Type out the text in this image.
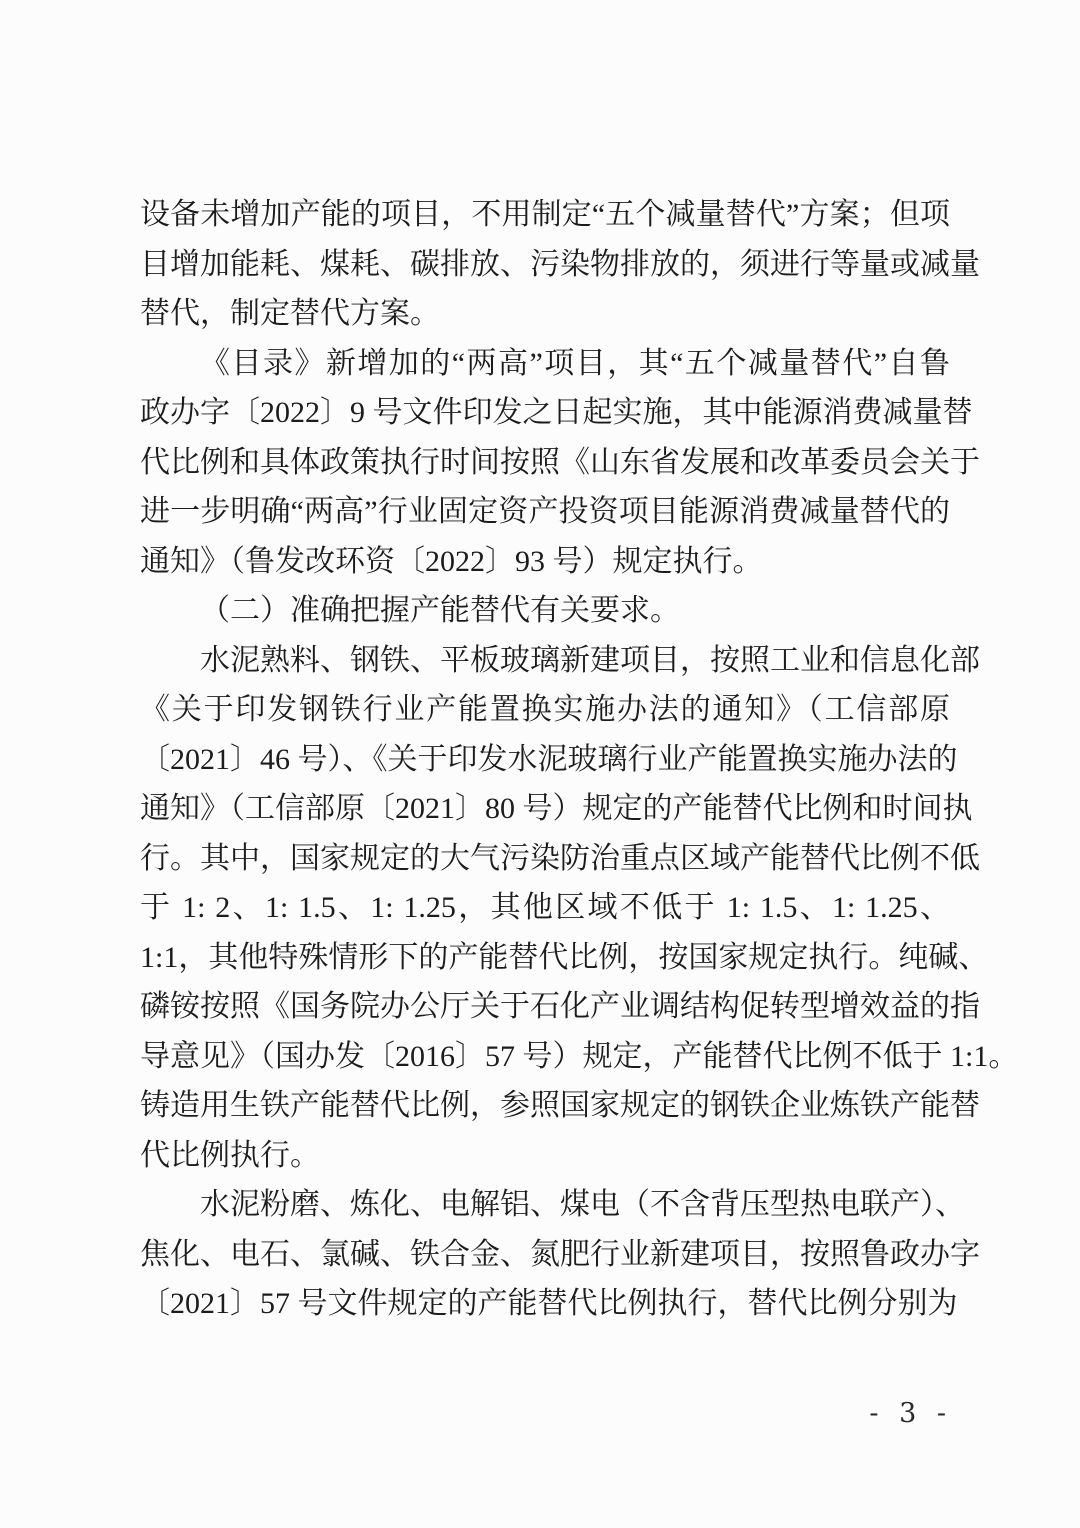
设备未增加产能的项目，不用制定“五个减量替代”方案；但项
目增加能耗、煤耗、碳排放、污染物排放的，须进行等量或减量
替代，制定替代方案。
《目录》新增加的“两高”项目，其“五个减量替代”自鲁
政办字〔2022〕9 号文件印发之日起实施，其中能源消费减量替
代比例和具体政策执行时间按照《山东省发展和改革委员会关于
进一步明确“两高”行业固定资产投资项目能源消费减量替代的
通知》（鲁发改环资〔2022〕93 号）规定执行。
（二）准确把握产能替代有关要求。
水泥熟料、钢铁、平板玻璃新建项目，按照工业和信息化部
《关于印发钢铁行业产能置换实施办法的通知》（工信部原
〔2021〕46 号）、《关于印发水泥玻璃行业产能置换实施办法的
通知》（工信部原〔2021〕80 号）规定的产能替代比例和时间执
行。其中，国家规定的大气污染防治重点区域产能替代比例不低
于 1: 2、1: 1.5、1: 1.25，其他区域不低于 1: 1.5、1: 1.25、
1:1，其他特殊情形下的产能替代比例，按国家规定执行。纯碱、
磷铵按照《国务院办公厅关于石化产业调结构促转型增效益的指
导意见》（国办发〔2016〕57 号）规定，产能替代比例不低于 1:1。
铸造用生铁产能替代比例，参照国家规定的钢铁企业炼铁产能替
代比例执行。
水泥粉磨、炼化、电解铝、煤电（不含背压型热电联产）、
焦化、电石、氯碱、铁合金、氮肥行业新建项目，按照鲁政办字
〔2021〕57 号文件规定的产能替代比例执行，替代比例分别为
- 3 -
